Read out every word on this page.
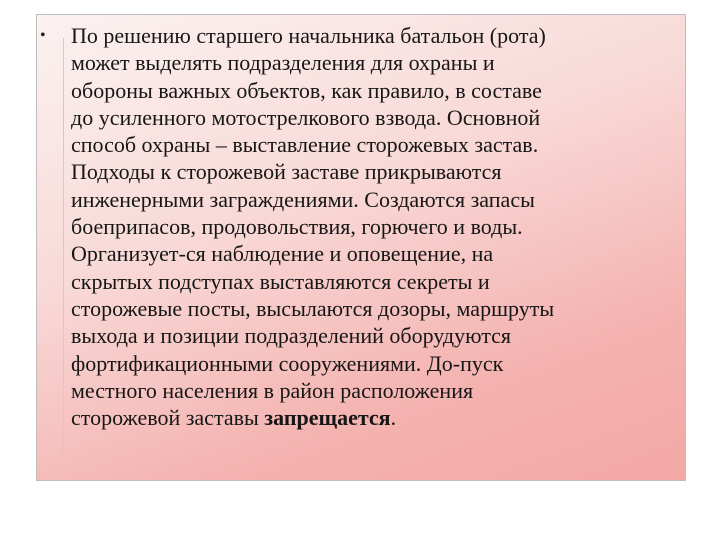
•	По решению старшего начальника батальон (рота)
может выделять подразделения для охраны и
обороны важных объектов, как правило, в составе
до усиленного мотострелкового взвода. Основной
способ охраны – выставление сторожевых застав.
Подходы к сторожевой заставе прикрываются
инженерными заграждениями. Создаются запасы
боеприпасов, продовольствия, горючего и воды.
Организует-ся наблюдение и оповещение, на
скрытых подступах выставляются секреты и
сторожевые посты, высылаются дозоры, маршруты
выхода и позиции подразделений оборудуются
фортификационными сооружениями. До-пуск
местного населения в район расположения
сторожевой заставы запрещается.
